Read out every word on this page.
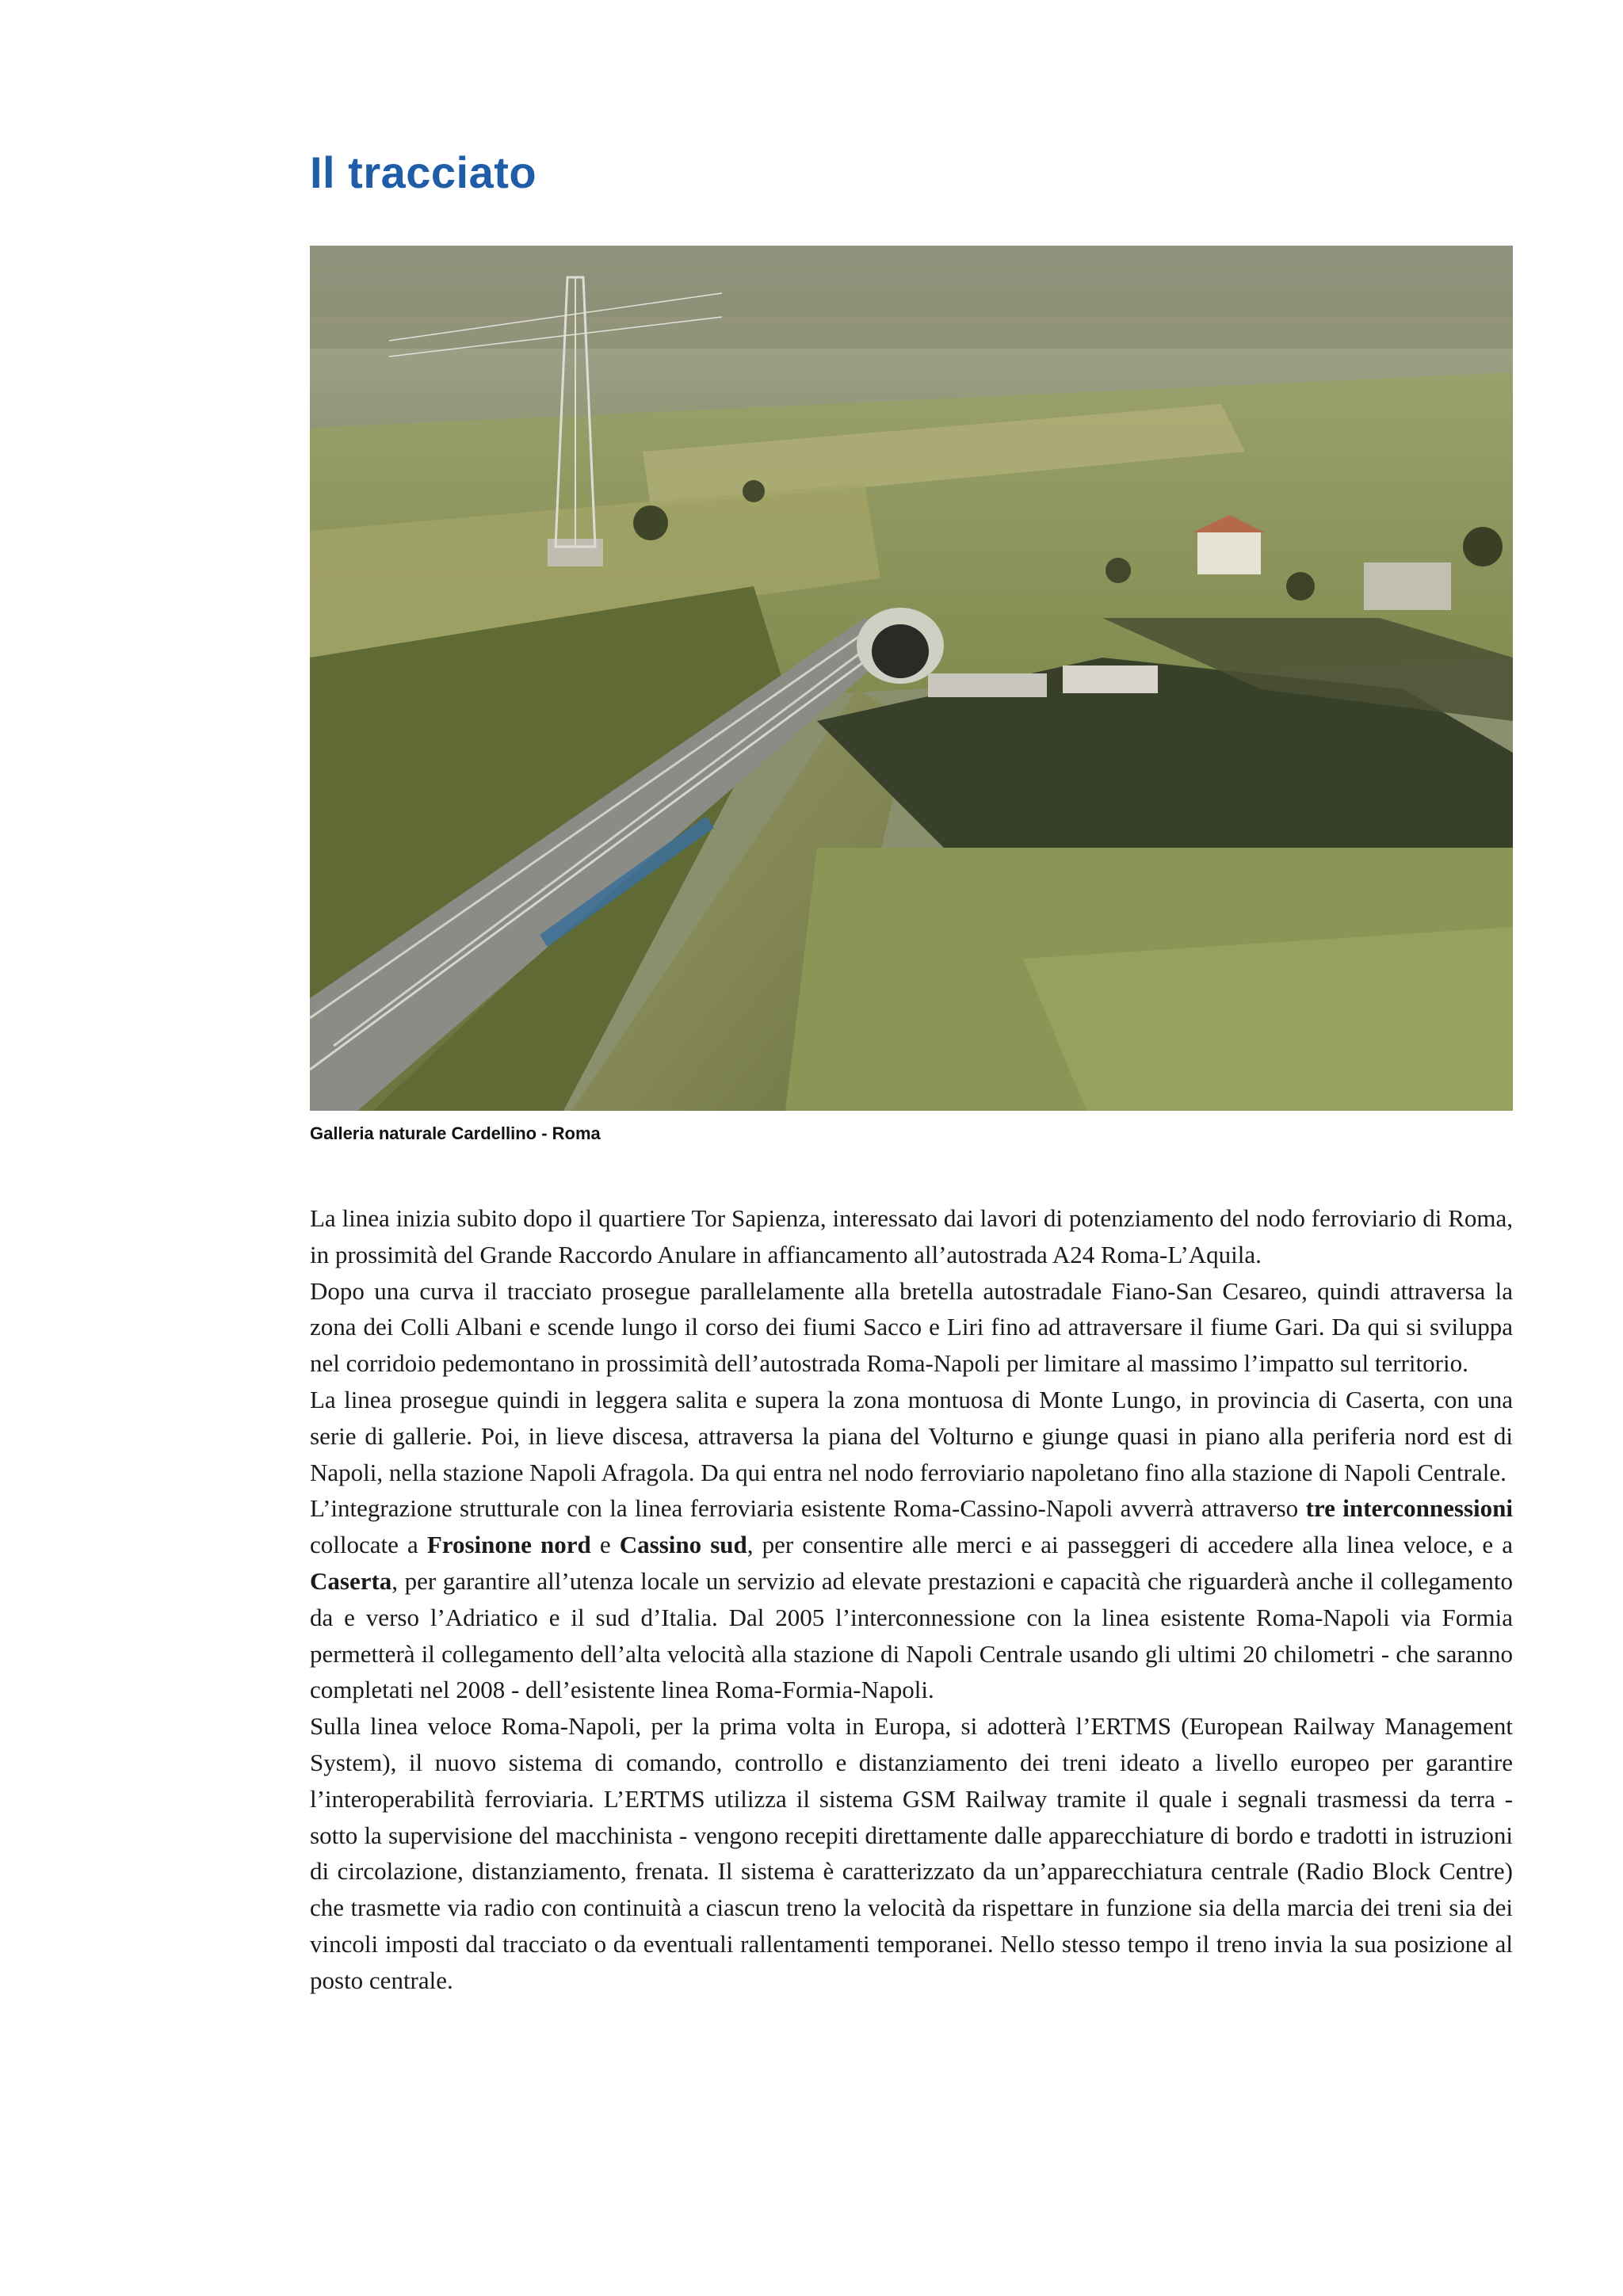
Il tracciato

Galleria naturale Cardellino - Roma

La linea inizia subito dopo il quartiere Tor Sapienza, interessato dai lavori di potenziamento del nodo ferroviario di Roma, in prossimità del Grande Raccordo Anulare in affiancamento all’autostrada A24 Roma-L’Aquila.

Dopo una curva il tracciato prosegue parallelamente alla bretella autostradale Fiano-San Cesareo, quindi attraversa la zona dei Colli Albani e scende lungo il corso dei fiumi Sacco e Liri fino ad attraversare il fiume Gari. Da qui si sviluppa nel corridoio pedemontano in prossimità dell’autostrada Roma-Napoli per limitare al massimo l’impatto sul territorio.

La linea prosegue quindi in leggera salita e supera la zona montuosa di Monte Lungo, in provincia di Caserta, con una serie di gallerie. Poi, in lieve discesa, attraversa la piana del Volturno e giunge quasi in piano alla periferia nord est di Napoli, nella stazione Napoli Afragola. Da qui entra nel nodo ferroviario napoletano fino alla stazione di Napoli Centrale.

L’integrazione strutturale con la linea ferroviaria esistente Roma-Cassino-Napoli avverrà attraverso tre interconnessioni collocate a Frosinone nord e Cassino sud, per consentire alle merci e ai passeggeri di accedere alla linea veloce, e a Caserta, per garantire all’utenza locale un servizio ad elevate prestazioni e capacità che riguarderà anche il collegamento da e verso l’Adriatico e il sud d’Italia. Dal 2005 l’interconnessione con la linea esistente Roma-Napoli via Formia permetterà il collegamento dell’alta velocità alla stazione di Napoli Centrale usando gli ultimi 20 chilometri - che saranno completati nel 2008 - dell’esistente linea Roma-Formia-Napoli.

Sulla linea veloce Roma-Napoli, per la prima volta in Europa, si adotterà l’ERTMS (European Railway Management System), il nuovo sistema di comando, controllo e distanziamento dei treni ideato a livello europeo per garantire l’interoperabilità ferroviaria. L’ERTMS utilizza il sistema GSM Railway tramite il quale i segnali trasmessi da terra - sotto la supervisione del macchinista - vengono recepiti direttamente dalle apparecchiature di bordo e tradotti in istruzioni di circolazione, distanziamento, frenata. Il sistema è caratterizzato da un’apparecchiatura centrale (Radio Block Centre) che trasmette via radio con continuità a ciascun treno la velocità da rispettare in funzione sia della marcia dei treni sia dei vincoli imposti dal tracciato o da eventuali rallentamenti temporanei. Nello stesso tempo il treno invia la sua posizione al posto centrale.
